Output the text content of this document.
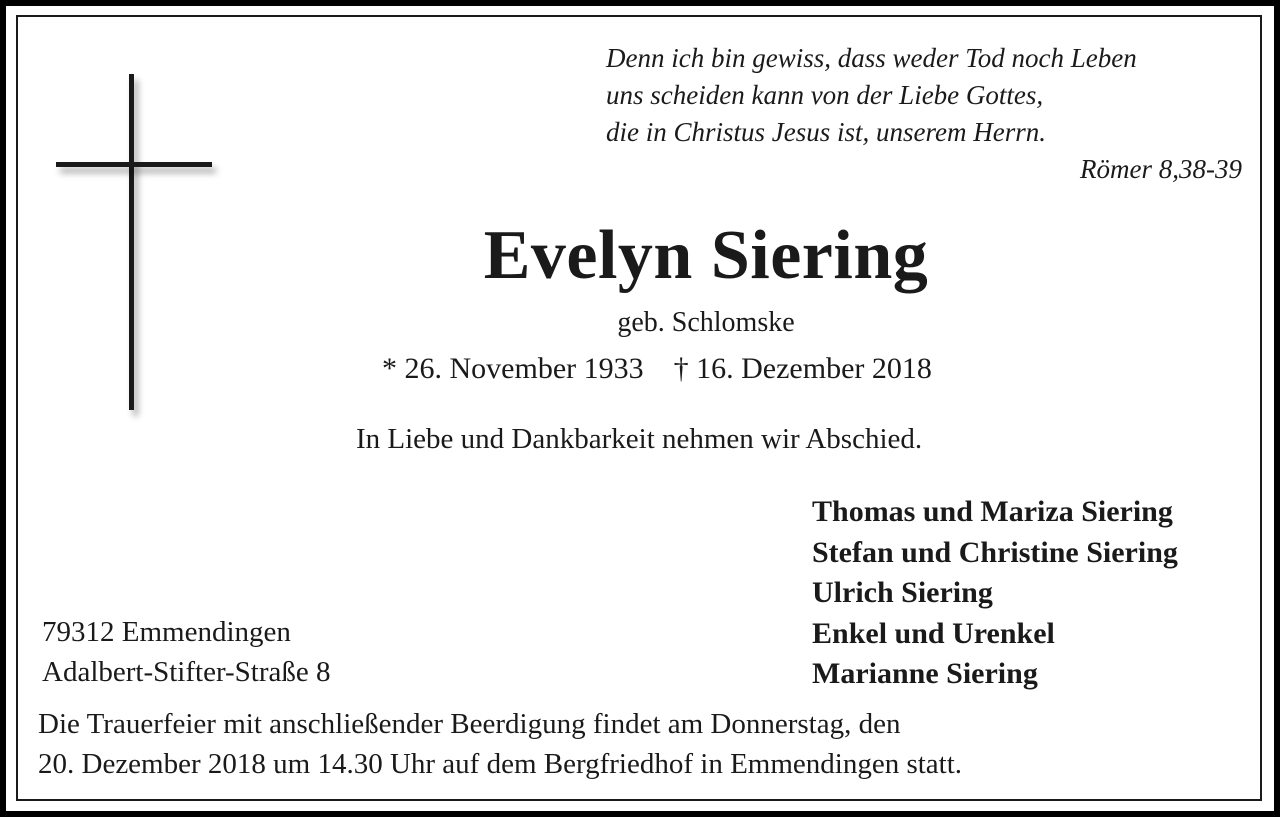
Denn ich bin gewiss, dass weder Tod noch Leben
uns scheiden kann von der Liebe Gottes,
die in Christus Jesus ist, unserem Herrn.
Römer 8,38-39
Evelyn Siering
geb. Schlomske
* 26. November 1933 † 16. Dezember 2018
In Liebe und Dankbarkeit nehmen wir Abschied.
Thomas und Mariza Siering
Stefan und Christine Siering
Ulrich Siering
Enkel und Urenkel
Marianne Siering
79312 Emmendingen
Adalbert-Stifter-Straße 8
Die Trauerfeier mit anschließender Beerdigung findet am Donnerstag, den
20. Dezember 2018 um 14.30 Uhr auf dem Bergfriedhof in Emmendingen statt.
